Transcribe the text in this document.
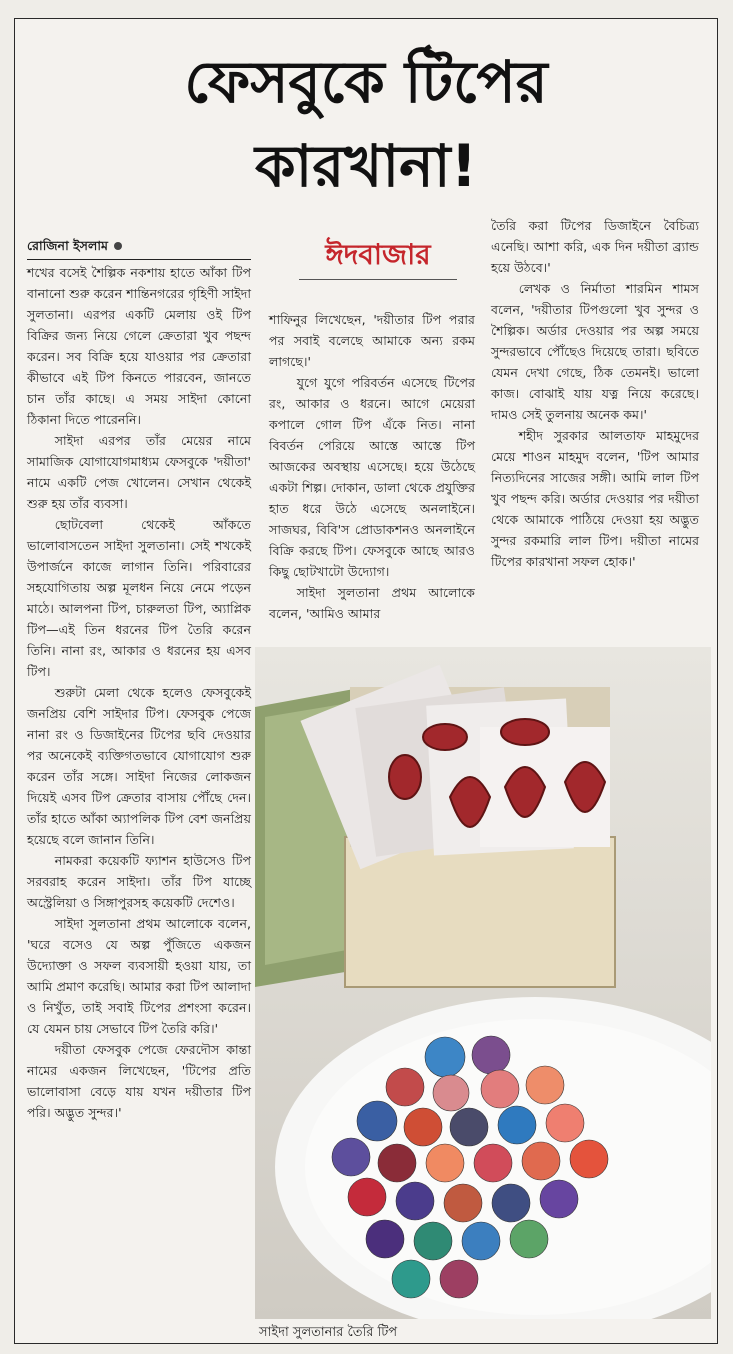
ফেসবুকে টিপের
কারখানা!
রোজিনা ইসলাম

শখের বসেই শৈল্পিক নকশায় হাতে আঁকা টিপ বানানো শুরু করেন শান্তিনগরের গৃহিণী সাইদা সুলতানা। এরপর একটি মেলায় ওই টিপ বিক্রির জন্য নিয়ে গেলে ক্রেতারা খুব পছন্দ করেন। সব বিক্রি হয়ে যাওয়ার পর ক্রেতারা কীভাবে এই টিপ কিনতে পারবেন, জানতে চান তাঁর কাছে। এ সময় সাইদা কোনো ঠিকানা দিতে পারেননি।

সাইদা এরপর তাঁর মেয়ের নামে সামাজিক যোগাযোগমাধ্যম ফেসবুকে 'দয়ীতা' নামে একটি পেজ খোলেন। সেখান থেকেই শুরু হয় তাঁর ব্যবসা।

ছোটবেলা থেকেই আঁকতে ভালোবাসতেন সাইদা সুলতানা। সেই শখকেই উপার্জনে কাজে লাগান তিনি। পরিবারের সহযোগিতায় অল্প মূলধন নিয়ে নেমে পড়েন মাঠে। আলপনা টিপ, চারুলতা টিপ, অ্যাপ্লিক টিপ—এই তিন ধরনের টিপ তৈরি করেন তিনি। নানা রং, আকার ও ধরনের হয় এসব টিপ।

শুরুটা মেলা থেকে হলেও ফেসবুকেই জনপ্রিয় বেশি সাইদার টিপ। ফেসবুক পেজে নানা রং ও ডিজাইনের টিপের ছবি দেওয়ার পর অনেকেই ব্যক্তিগতভাবে যোগাযোগ শুরু করেন তাঁর সঙ্গে। সাইদা নিজের লোকজন দিয়েই এসব টিপ ক্রেতার বাসায় পৌঁছে দেন। তাঁর হাতে আঁকা অ্যাপলিক টিপ বেশ জনপ্রিয় হয়েছে বলে জানান তিনি।

নামকরা কয়েকটি ফ্যাশন হাউসেও টিপ সরবরাহ করেন সাইদা। তাঁর টিপ যাচ্ছে অস্ট্রেলিয়া ও সিঙ্গাপুরসহ কয়েকটি দেশেও।

সাইদা সুলতানা প্রথম আলোকে বলেন, 'ঘরে বসেও যে অল্প পুঁজিতে একজন উদ্যোক্তা ও সফল ব্যবসায়ী হওয়া যায়, তা আমি প্রমাণ করেছি। আমার করা টিপ আলাদা ও নিখুঁত, তাই সবাই টিপের প্রশংসা করেন। যে যেমন চায় সেভাবে টিপ তৈরি করি।'

দয়ীতা ফেসবুক পেজে ফেরদৌস কান্তা নামের একজন লিখেছেন, 'টিপের প্রতি ভালোবাসা বেড়ে যায় যখন দয়ীতার টিপ পরি। অদ্ভুত সুন্দর।'

ঈদবাজার

শাফিনুর লিখেছেন, 'দয়ীতার টিপ পরার পর সবাই বলেছে আমাকে অন্য রকম লাগছে।'

যুগে যুগে পরিবর্তন এসেছে টিপের রং, আকার ও ধরনে। আগে মেয়েরা কপালে গোল টিপ এঁকে নিত। নানা বিবর্তন পেরিয়ে আস্তে আস্তে টিপ আজকের অবস্থায় এসেছে। হয়ে উঠেছে একটা শিল্প। দোকান, ডালা থেকে প্রযুক্তির হাত ধরে উঠে এসেছে অনলাইনে। সাজঘর, বিবি'স প্রোডাকশনও অনলাইনে বিক্রি করছে টিপ। ফেসবুকে আছে আরও কিছু ছোটখাটো উদ্যোগ।

সাইদা সুলতানা প্রথম আলোকে বলেন, 'আমিও আমার

তৈরি করা টিপের ডিজাইনে বৈচিত্র্য এনেছি। আশা করি, এক দিন দয়ীতা ব্র্যান্ড হয়ে উঠবে।'

লেখক ও নির্মাতা শারমিন শামস বলেন, 'দয়ীতার টিপগুলো খুব সুন্দর ও শৈল্পিক। অর্ডার দেওয়ার পর অল্প সময়ে সুন্দরভাবে পৌঁছেও দিয়েছে তারা। ছবিতে যেমন দেখা গেছে, ঠিক তেমনই। ভালো কাজ। বোঝাই যায় যত্ন নিয়ে করেছে। দামও সেই তুলনায় অনেক কম।'

শহীদ সুরকার আলতাফ মাহমুদের মেয়ে শাওন মাহমুদ বলেন, 'টিপ আমার নিত্যদিনের সাজের সঙ্গী। আমি লাল টিপ খুব পছন্দ করি। অর্ডার দেওয়ার পর দয়ীতা থেকে আমাকে পাঠিয়ে দেওয়া হয় অদ্ভুত সুন্দর রকমারি লাল টিপ। দয়ীতা নামের টিপের কারখানা সফল হোক।'

সাইদা সুলতানার তৈরি টিপ
